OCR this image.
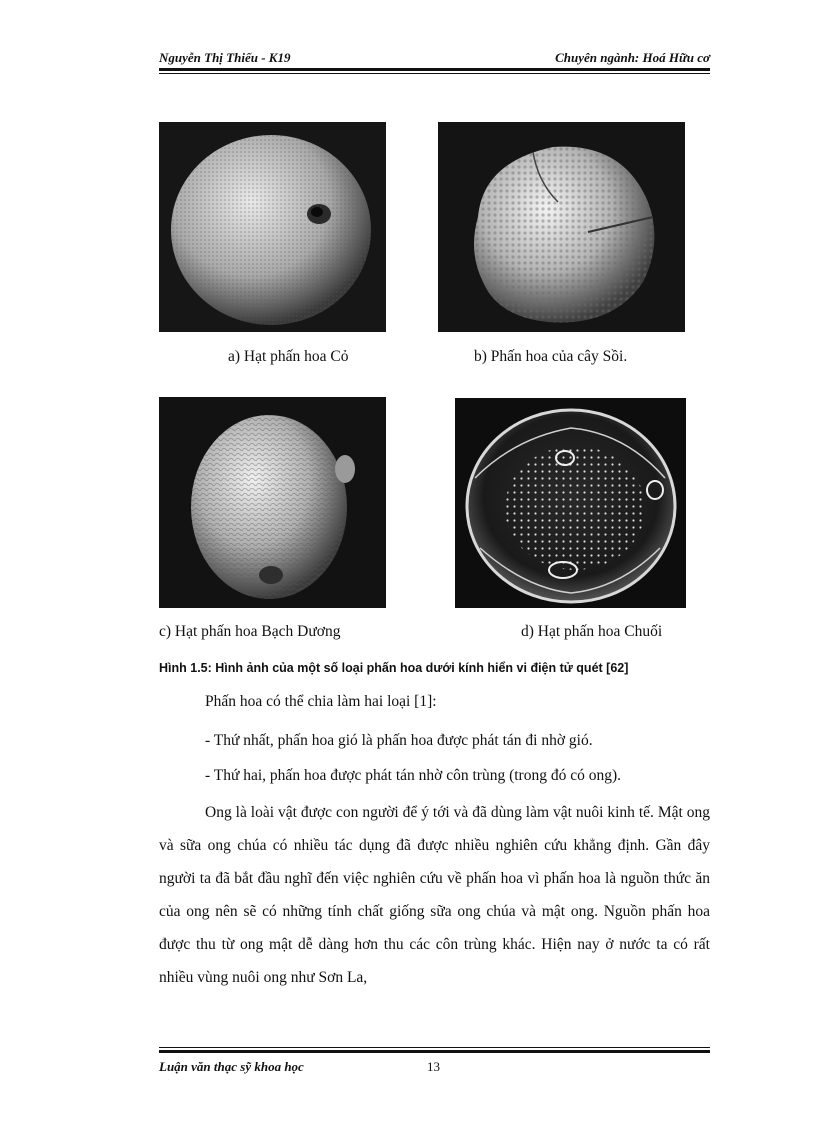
Nguyễn Thị Thiếu - K19	Chuyên ngành: Hoá Hữu cơ
a) Hạt phấn hoa Cỏ	b) Phấn hoa của cây Sồi.
c) Hạt phấn hoa Bạch Dương	d) Hạt phấn hoa Chuối
Hình 1.5: Hình ảnh của một số loại phấn hoa dưới kính hiển vi điện tử quét [62]
Phấn hoa có thể chia làm hai loại [1]:
- Thứ nhất, phấn hoa gió là phấn hoa được phát tán đi nhờ gió.
- Thứ hai, phấn hoa được phát tán nhờ côn trùng (trong đó có ong).
Ong là loài vật được con người để ý tới và đã dùng làm vật nuôi kinh tế. Mật ong và sữa ong chúa có nhiều tác dụng đã được nhiều nghiên cứu khẳng định. Gần đây người ta đã bắt đầu nghĩ đến việc nghiên cứu về phấn hoa vì phấn hoa là nguồn thức ăn của ong nên sẽ có những tính chất giống sữa ong chúa và mật ong. Nguồn phấn hoa được thu từ ong mật dễ dàng hơn thu các côn trùng khác. Hiện nay ở nước ta có rất nhiều vùng nuôi ong như Sơn La,
Luận văn thạc sỹ khoa học	13
